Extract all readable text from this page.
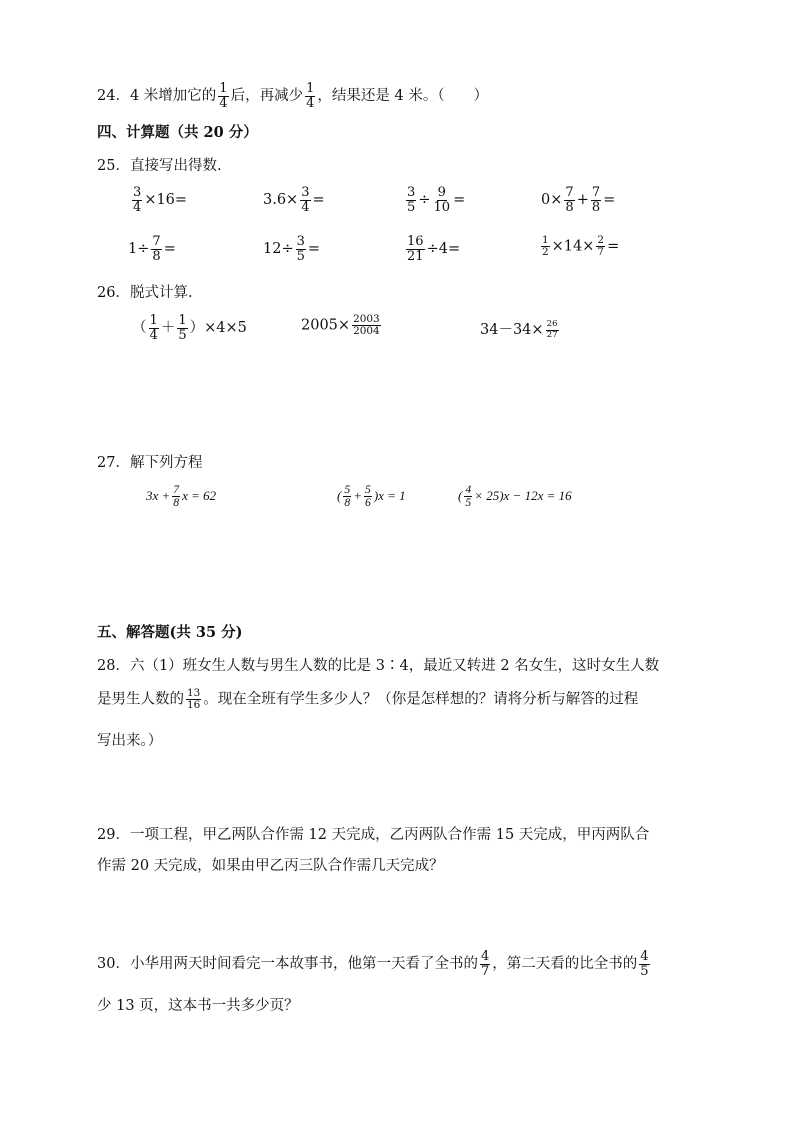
24．4 米增加它的 $\frac{1}{4}$ 后，再减少 $\frac{1}{4}$ ，结果还是 4 米。（　　）
四、计算题（共 20 分）
25．直接写出得数.
$\frac{3}{4} \times 16=$	$3.6\times \frac{3}{4}$ =	$\frac{3}{5} \div \frac{9}{10}$ =	$0\times \frac{7}{8} + \frac{7}{8}$ =
$1\div \frac{7}{8}$ =	$12\div \frac{3}{5}$ =	$\frac{16}{21} \div 4=$	$\frac{1}{2} \times 14\times \frac{2}{7}$ =
26．脱式计算.
（ $\frac{1}{4} + \frac{1}{5} )\times 4\times 5$	$2005\times \frac{2003}{2004}$	$34-34\times \frac{26}{27}$
27．解下列方程
$3x + \frac{7}{8}$ x = 62	( $\frac{5}{8} + \frac{5}{6} )x = 1$	( $\frac{4}{5} \times 25)x - 12x = 16$
五、解答题(共 35 分)
28．六（1）班女生人数与男生人数的比是 3∶4，最近又转进 2 名女生，这时女生人数
是男生人数的 $\frac{13}{16}$ 。现在全班有学生多少人？（你是怎样想的？请将分析与解答的过程
写出来。）
29．一项工程，甲乙两队合作需 12 天完成，乙丙两队合作需 15 天完成，甲丙两队合
作需 20 天完成，如果由甲乙丙三队合作需几天完成？
30．小华用两天时间看完一本故事书，他第一天看了全书的 $\frac{4}{7}$ ，第二天看的比全书的 $\frac{4}{5}$
少 13 页，这本书一共多少页？
